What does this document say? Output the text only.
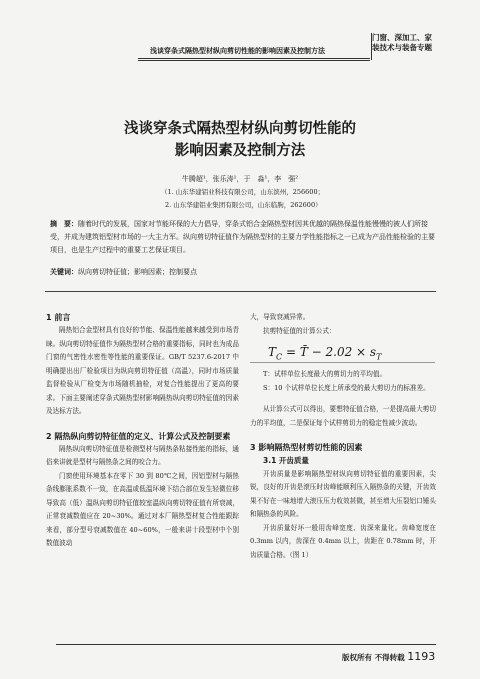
浅谈穿条式隔热型材纵向剪切性能的影响因素及控制方法
门窗、深加工、家
装技术与装备专题
浅谈穿条式隔热型材纵向剪切性能的
影响因素及控制方法
牛腾超¹，张乐涛¹，于　淼¹，李　强²
（1. 山东华建铝业科技有限公司，山东滨州，256600；
2. 山东华建铝业集团有限公司，山东临朐，262600）
摘　要：随着时代的发展，国家对节能环保的大力倡导，穿条式铝合金隔热型材因其优越的隔热保温性能慢慢的被人们所接受，并成为建筑铝型材市场的一大主力军。纵向剪切特征值作为隔热型材的主要力学性能指标之一已成为产品性能检验的主要项目，也是生产过程中的重要工艺保证项目。
关键词：纵向剪切特征值；影响因素；控制要点
1 前言

隔热铝合金型材具有良好的节能、保温性能越来越受到市场青睐。纵向剪切特征值作为隔热型材合格的重要指标，同时也为成品门窗的气密性水密性等性能的重要保证。GB/T 5237.6-2017 中明确提出出厂检验项目为纵向剪切特征值（高温），同时市场质量监督检验从厂检变为市场随机抽检，对复合性能提出了更高的要求。下面主要阐述穿条式隔热型材影响隔热纵向剪切特征值的因素及达标方法。

2 隔热纵向剪切特征值的定义、计算公式及控制要素

隔热纵向剪切特征值是检测型材与隔热条粘接性能的指标，通俗来讲就是型材与隔热条之间的咬合力。

门窗使用环境基本在零下 30 到 80℃之间，因铝型材与隔热条线膨胀系数不一致，在高温或低温环境下结合部位发生轻微位移导致高（低）温纵向剪切特征值较室温纵向剪切特征值有所衰减，正常衰减数值应在 20~30%。通过对本厂隔热型材复合性能跟踪来看，部分型号衰减数值在 40~60%，一般来讲十段型材中个别数值波动

大，导致衰减异常。

抗剪特征值的计算公式：

$T_C$ = T̄ − $2.02 \times s_T$

T：试样单位长度最大的剪切力的平均值。

S：10 个试样单位长度上所承受的最大剪切力的标准差。

从计算公式可以得出，要想特征值合格，一是提高最大剪切力的平均值，二是保证每个试样剪切力的稳定性减少波动。

3 影响隔热型材剪切性能的因素
3.1 开齿质量

开齿质量是影响隔热型材纵向剪切特征值的重要因素，尖锐，良好的开齿是滚压时齿峰能顺利压入隔热条的关键，开齿效果不好在一味地增大滚压压力收效甚微，甚至增大压裂铝口锤头和隔热条的风险。

开齿质量好坏一般用齿峰宽度、齿深来量化。齿峰宽度在 0.3mm 以内，齿深在 0.4mm 以上，齿距在 0.78mm 时，开齿质量合格。（图 1）

版权所有 不得转载 1193
